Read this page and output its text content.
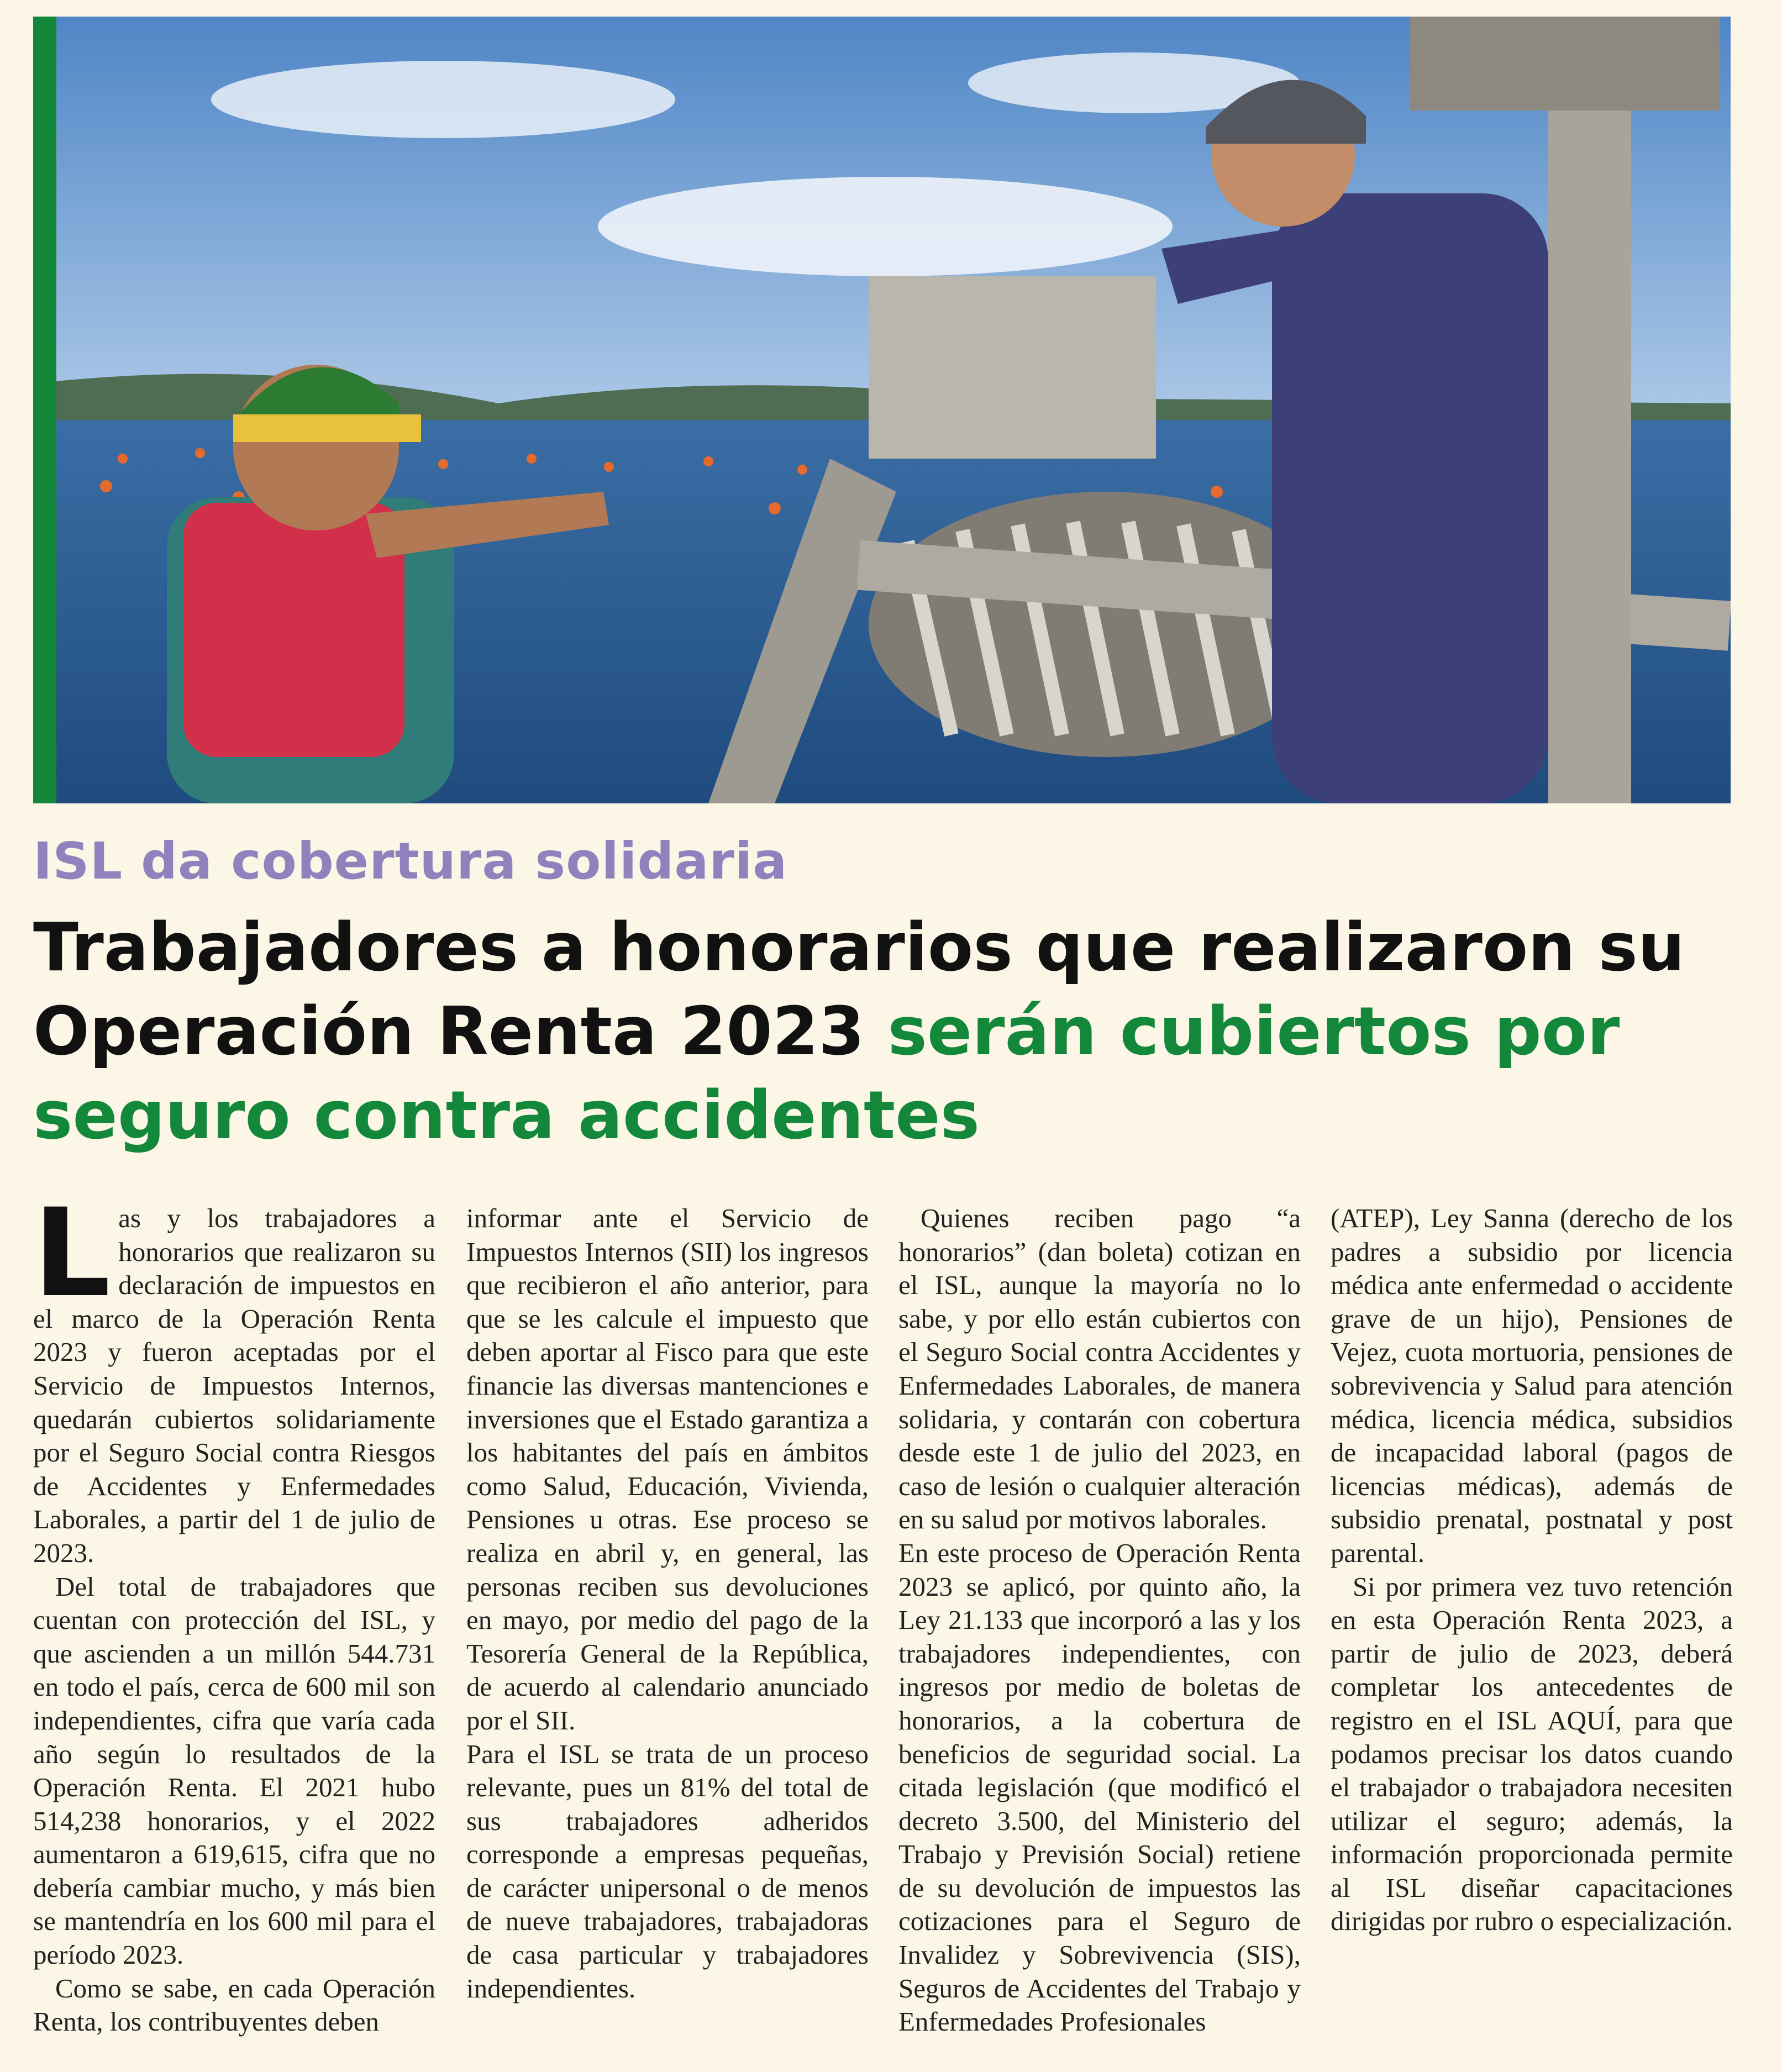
ISL da cobertura solidaria
Trabajadores a honorarios que realizaron su Operación Renta 2023 serán cubiertos por seguro contra accidentes

Las y los trabajadores a honorarios que realizaron su declaración de impuestos en el marco de la Operación Renta 2023 y fueron aceptadas por el Servicio de Impuestos Internos, quedarán cubiertos solidariamente por el Seguro Social contra Riesgos de Accidentes y Enfermedades Laborales, a partir del 1 de julio de 2023.

Del total de trabajadores que cuentan con protección del ISL, y que ascienden a un millón 544.731 en todo el país, cerca de 600 mil son independientes, cifra que varía cada año según lo resultados de la Operación Renta. El 2021 hubo 514,238 honorarios, y el 2022 aumentaron a 619,615, cifra que no debería cambiar mucho, y más bien se mantendría en los 600 mil para el período 2023.

Como se sabe, en cada Operación Renta, los contribuyentes deben

informar ante el Servicio de Impuestos Internos (SII) los ingresos que recibieron el año anterior, para que se les calcule el impuesto que deben aportar al Fisco para que este financie las diversas mantenciones e inversiones que el Estado garantiza a los habitantes del país en ámbitos como Salud, Educación, Vivienda, Pensiones u otras. Ese proceso se realiza en abril y, en general, las personas reciben sus devoluciones en mayo, por medio del pago de la Tesorería General de la República, de acuerdo al calendario anunciado por el SII.

Para el ISL se trata de un proceso relevante, pues un 81% del total de sus trabajadores adheridos corresponde a empresas pequeñas, de carácter unipersonal o de menos de nueve trabajadores, trabajadoras de casa particular y trabajadores independientes.

Quienes reciben pago “a honorarios” (dan boleta) cotizan en el ISL, aunque la mayoría no lo sabe, y por ello están cubiertos con el Seguro Social contra Accidentes y Enfermedades Laborales, de manera solidaria, y contarán con cobertura desde este 1 de julio del 2023, en caso de lesión o cualquier alteración en su salud por motivos laborales.

En este proceso de Operación Renta 2023 se aplicó, por quinto año, la Ley 21.133 que incorporó a las y los trabajadores independientes, con ingresos por medio de boletas de honorarios, a la cobertura de beneficios de seguridad social. La citada legislación (que modificó el decreto 3.500, del Ministerio del Trabajo y Previsión Social) retiene de su devolución de impuestos las cotizaciones para el Seguro de Invalidez y Sobrevivencia (SIS), Seguros de Accidentes del Trabajo y Enfermedades Profesionales

(ATEP), Ley Sanna (derecho de los padres a subsidio por licencia médica ante enfermedad o accidente grave de un hijo), Pensiones de Vejez, cuota mortuoria, pensiones de sobrevivencia y Salud para atención médica, licencia médica, subsidios de incapacidad laboral (pagos de licencias médicas), además de subsidio prenatal, postnatal y post parental.

Si por primera vez tuvo retención en esta Operación Renta 2023, a partir de julio de 2023, deberá completar los antecedentes de registro en el ISL AQUÍ, para que podamos precisar los datos cuando el trabajador o trabajadora necesiten utilizar el seguro; además, la información proporcionada permite al ISL diseñar capacitaciones dirigidas por rubro o especialización.
